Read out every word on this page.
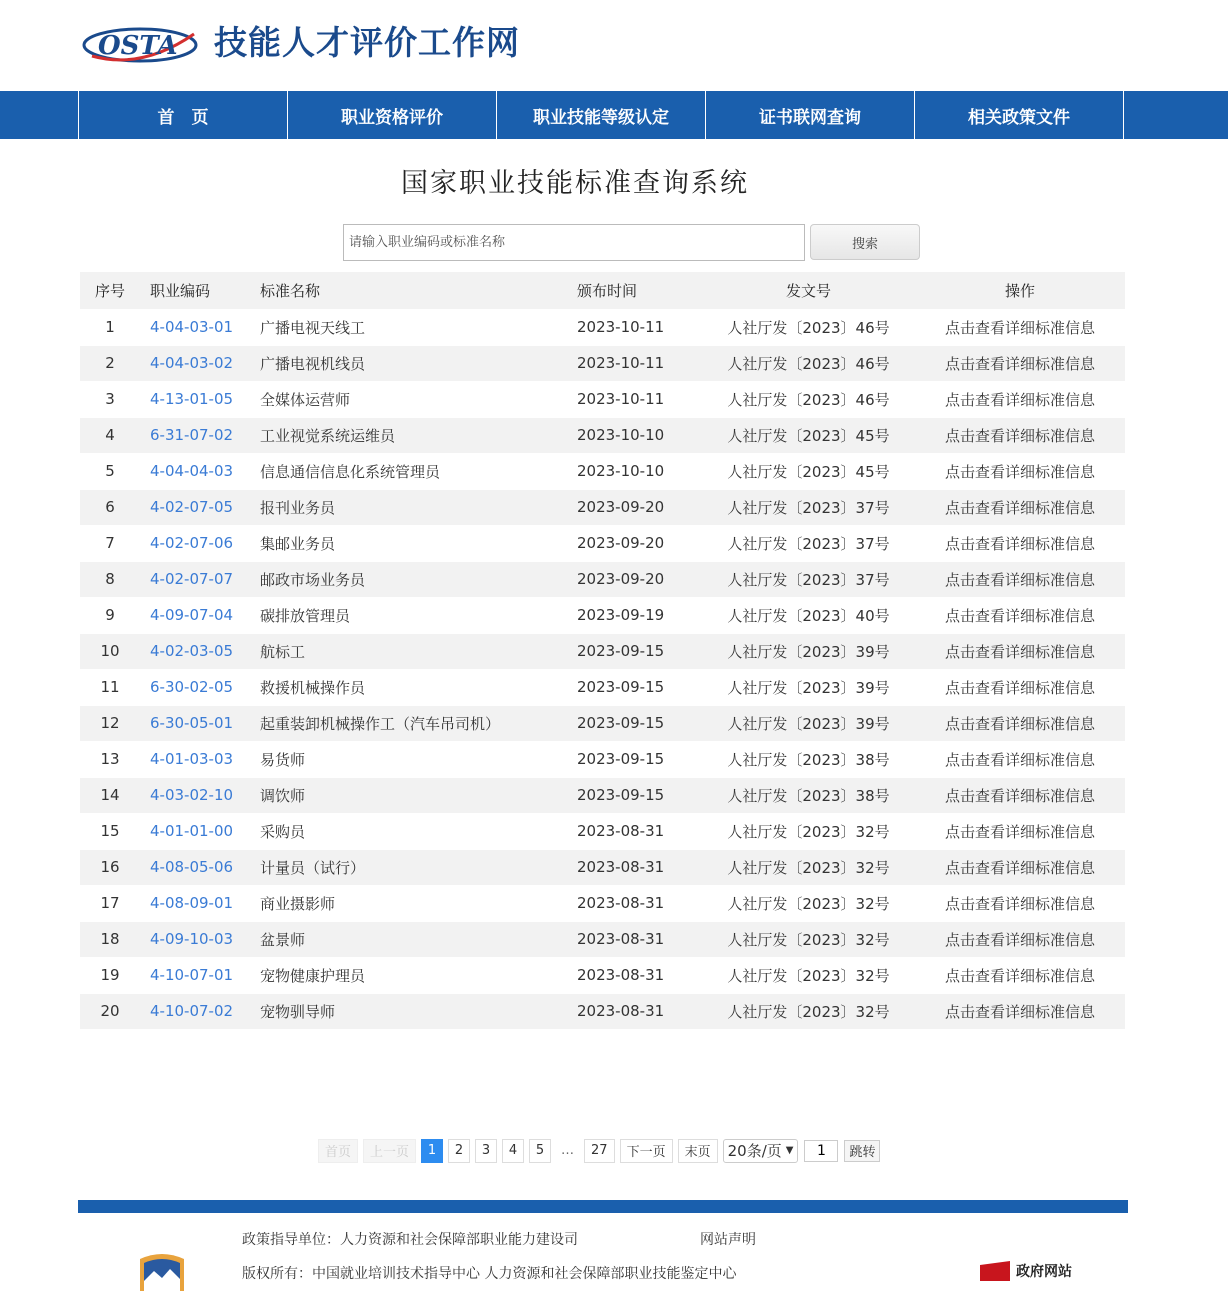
OSTA 技能人才评价工作网
首　页	职业资格评价	职业技能等级认定	证书联网查询	相关政策文件
国家职业技能标准查询系统
请输入职业编码或标准名称
搜索
序号	职业编码	标准名称	颁布时间	发文号	操作
1	4-04-03-01	广播电视天线工	2023-10-11	人社厅发〔2023〕46号	点击查看详细标准信息
2	4-04-03-02	广播电视机线员	2023-10-11	人社厅发〔2023〕46号	点击查看详细标准信息
3	4-13-01-05	全媒体运营师	2023-10-11	人社厅发〔2023〕46号	点击查看详细标准信息
4	6-31-07-02	工业视觉系统运维员	2023-10-10	人社厅发〔2023〕45号	点击查看详细标准信息
5	4-04-04-03	信息通信信息化系统管理员	2023-10-10	人社厅发〔2023〕45号	点击查看详细标准信息
6	4-02-07-05	报刊业务员	2023-09-20	人社厅发〔2023〕37号	点击查看详细标准信息
7	4-02-07-06	集邮业务员	2023-09-20	人社厅发〔2023〕37号	点击查看详细标准信息
8	4-02-07-07	邮政市场业务员	2023-09-20	人社厅发〔2023〕37号	点击查看详细标准信息
9	4-09-07-04	碳排放管理员	2023-09-19	人社厅发〔2023〕40号	点击查看详细标准信息
10	4-02-03-05	航标工	2023-09-15	人社厅发〔2023〕39号	点击查看详细标准信息
11	6-30-02-05	救援机械操作员	2023-09-15	人社厅发〔2023〕39号	点击查看详细标准信息
12	6-30-05-01	起重装卸机械操作工（汽车吊司机）	2023-09-15	人社厅发〔2023〕39号	点击查看详细标准信息
13	4-01-03-03	易货师	2023-09-15	人社厅发〔2023〕38号	点击查看详细标准信息
14	4-03-02-10	调饮师	2023-09-15	人社厅发〔2023〕38号	点击查看详细标准信息
15	4-01-01-00	采购员	2023-08-31	人社厅发〔2023〕32号	点击查看详细标准信息
16	4-08-05-06	计量员（试行）	2023-08-31	人社厅发〔2023〕32号	点击查看详细标准信息
17	4-08-09-01	商业摄影师	2023-08-31	人社厅发〔2023〕32号	点击查看详细标准信息
18	4-09-10-03	盆景师	2023-08-31	人社厅发〔2023〕32号	点击查看详细标准信息
19	4-10-07-01	宠物健康护理员	2023-08-31	人社厅发〔2023〕32号	点击查看详细标准信息
20	4-10-07-02	宠物驯导师	2023-08-31	人社厅发〔2023〕32号	点击查看详细标准信息
首页	上一页	1	2	3	4	5	…	27	下一页	末页	20条/页 ▼
1	跳转
政策指导单位：人力资源和社会保障部职业能力建设司	网站声明
版权所有：中国就业培训技术指导中心 人力资源和社会保障部职业技能鉴定中心	政府网站
